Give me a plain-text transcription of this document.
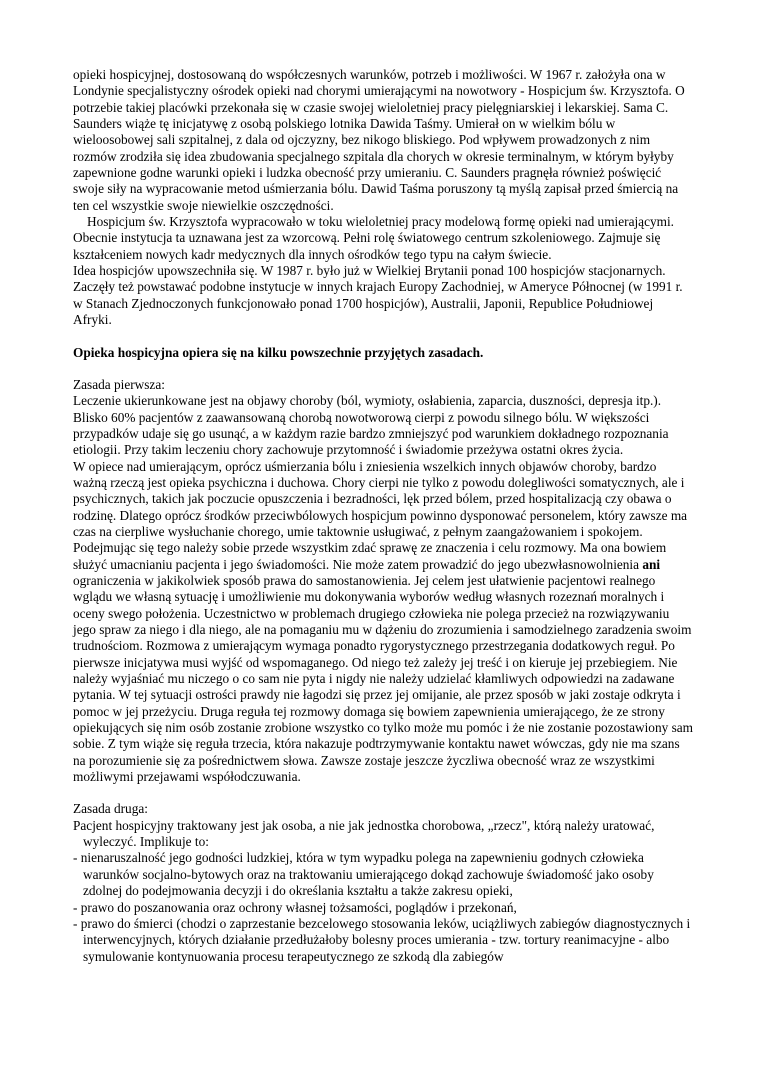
opieki hospicyjnej, dostosowaną do współczesnych warunków, potrzeb i możliwości. W 1967 r. założyła ona w Londynie specjalistyczny ośrodek opieki nad chorymi umierającymi na nowotwory - Hospicjum św. Krzysztofa. O potrzebie takiej placówki przekonała się w czasie swojej wieloletniej pracy pielęgniarskiej i lekarskiej. Sama C. Saunders wiąże tę inicjatywę z osobą polskiego lotnika Dawida Taśmy. Umierał on w wielkim bólu w wieloosobowej sali szpitalnej, z dala od ojczyzny, bez nikogo bliskiego. Pod wpływem prowadzonych z nim rozmów zrodziła się idea zbudowania specjalnego szpitala dla chorych w okresie terminalnym, w którym byłyby zapewnione godne warunki opieki i ludzka obecność przy umieraniu. C. Saunders pragnęła również poświęcić swoje siły na wypracowanie metod uśmierzania bólu. Dawid Taśma poruszony tą myślą zapisał przed śmiercią na ten cel wszystkie swoje niewielkie oszczędności.

Hospicjum św. Krzysztofa wypracowało w toku wieloletniej pracy modelową formę opieki nad umierającymi. Obecnie instytucja ta uznawana jest za wzorcową. Pełni rolę światowego centrum szkoleniowego. Zajmuje się kształceniem nowych kadr medycznych dla innych ośrodków tego typu na całym świecie.

Idea hospicjów upowszechniła się. W 1987 r. było już w Wielkiej Brytanii ponad 100 hospicjów stacjonarnych. Zaczęły też powstawać podobne instytucje w innych krajach Europy Zachodniej, w Ameryce Północnej (w 1991 r. w Stanach Zjednoczonych funkcjonowało ponad 1700 hospicjów), Australii, Japonii, Republice Południowej Afryki.

Opieka hospicyjna opiera się na kilku powszechnie przyjętych zasadach.

Zasada pierwsza:

Leczenie ukierunkowane jest na objawy choroby (ból, wymioty, osłabienia, zaparcia, duszności, depresja itp.). Blisko 60% pacjentów z zaawansowaną chorobą nowotworową cierpi z powodu silnego bólu. W większości przypadków udaje się go usunąć, a w każdym razie bardzo zmniejszyć pod warunkiem dokładnego rozpoznania etiologii. Przy takim leczeniu chory zachowuje przytomność i świadomie przeżywa ostatni okres życia.

W opiece nad umierającym, oprócz uśmierzania bólu i zniesienia wszelkich innych objawów choroby, bardzo ważną rzeczą jest opieka psychiczna i duchowa. Chory cierpi nie tylko z powodu dolegliwości somatycznych, ale i psychicznych, takich jak poczucie opuszczenia i bezradności, lęk przed bólem, przed hospitalizacją czy obawa o rodzinę. Dlatego oprócz środków przeciwbólowych hospicjum powinno dysponować personelem, który zawsze ma czas na cierpliwe wysłuchanie chorego, umie taktownie usługiwać, z pełnym zaangażowaniem i spokojem. Podejmując się tego należy sobie przede wszystkim zdać sprawę ze znaczenia i celu rozmowy. Ma ona bowiem służyć umacnianiu pacjenta i jego świadomości. Nie może zatem prowadzić do jego ubezwłasnowolnienia ani ograniczenia w jakikolwiek sposób prawa do samostanowienia. Jej celem jest ułatwienie pacjentowi realnego wglądu we własną sytuację i umożliwienie mu dokonywania wyborów według własnych rozeznań moralnych i oceny swego położenia. Uczestnictwo w problemach drugiego człowieka nie polega przecież na rozwiązywaniu jego spraw za niego i dla niego, ale na pomaganiu mu w dążeniu do zrozumienia i samodzielnego zaradzenia swoim trudnościom. Rozmowa z umierającym wymaga ponadto rygorystycznego przestrzegania dodatkowych reguł. Po pierwsze inicjatywa musi wyjść od wspomaganego. Od niego też zależy jej treść i on kieruje jej przebiegiem. Nie należy wyjaśniać mu niczego o co sam nie pyta i nigdy nie należy udzielać kłamliwych odpowiedzi na zadawane pytania. W tej sytuacji ostrości prawdy nie łagodzi się przez jej omijanie, ale przez sposób w jaki zostaje odkryta i pomoc w jej przeżyciu. Druga reguła tej rozmowy domaga się bowiem zapewnienia umierającego, że ze strony opiekujących się nim osób zostanie zrobione wszystko co tylko może mu pomóc i że nie zostanie pozostawiony sam sobie. Z tym wiąże się reguła trzecia, która nakazuje podtrzymywanie kontaktu nawet wówczas, gdy nie ma szans na porozumienie się za pośrednictwem słowa. Zawsze zostaje jeszcze życzliwa obecność wraz ze wszystkimi możliwymi przejawami współodczuwania.

Zasada druga:

Pacjent hospicyjny traktowany jest jak osoba, a nie jak jednostka chorobowa, „rzecz", którą należy uratować, wyleczyć. Implikuje to:

- nienaruszalność jego godności ludzkiej, która w tym wypadku polega na zapewnieniu godnych człowieka warunków socjalno-bytowych oraz na traktowaniu umierającego dokąd zachowuje świadomość jako osoby zdolnej do podejmowania decyzji i do określania kształtu a także zakresu opieki,

- prawo do poszanowania oraz ochrony własnej tożsamości, poglądów i przekonań,

- prawo do śmierci (chodzi o zaprzestanie bezcelowego stosowania leków, uciążliwych zabiegów diagnostycznych i interwencyjnych, których działanie przedłużałoby bolesny proces umierania - tzw. tortury reanimacyjne - albo symulowanie kontynuowania procesu terapeutycznego ze szkodą dla zabiegów
